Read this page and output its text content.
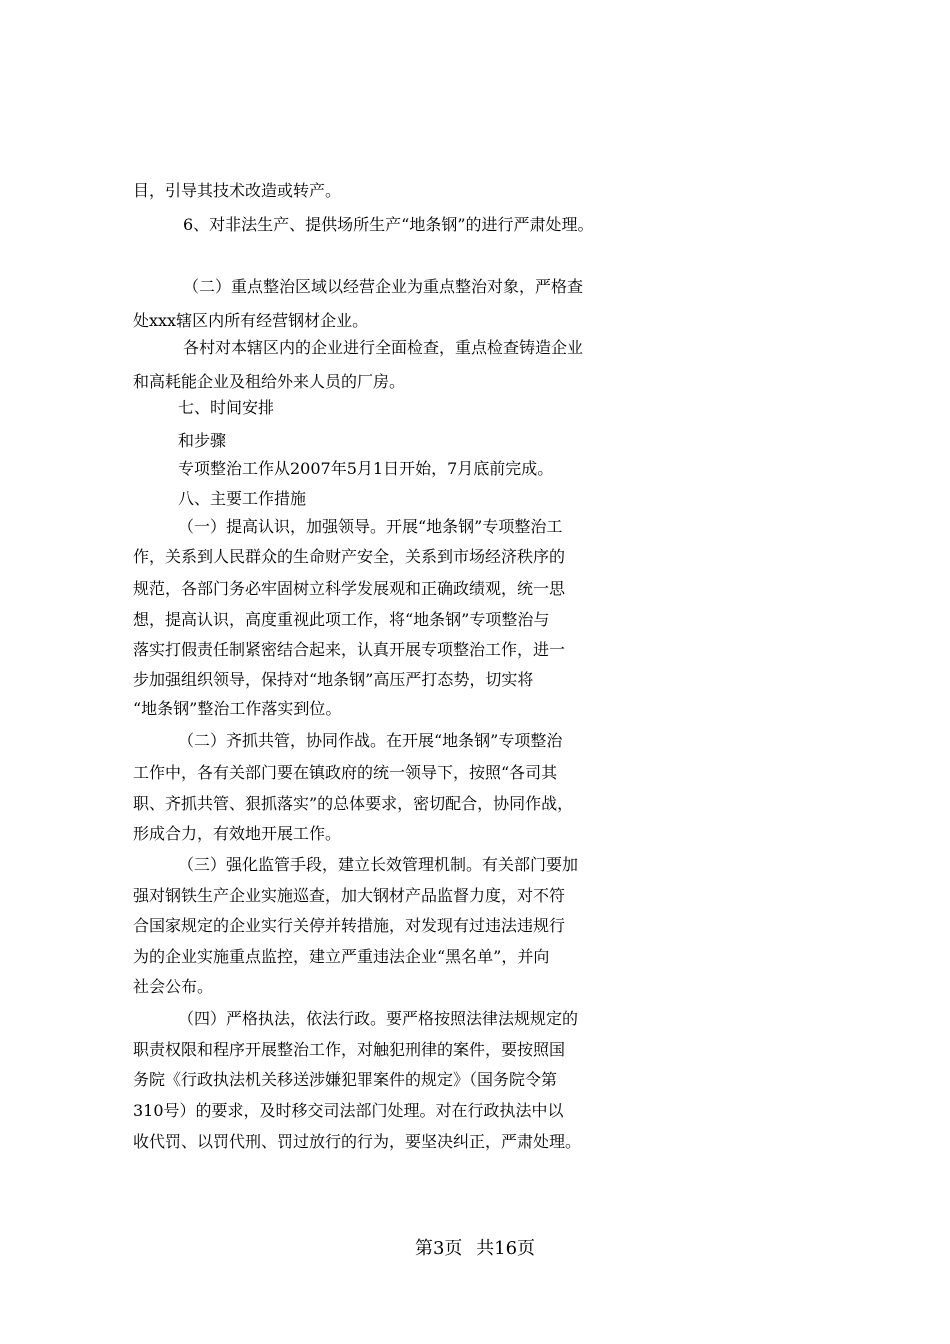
目，引导其技术改造或转产。
6、对非法生产、提供场所生产“地条钢”的进行严肃处理。
（二）重点整治区域以经营企业为重点整治对象，严格查
处xxx辖区内所有经营钢材企业。
各村对本辖区内的企业进行全面检查，重点检查铸造企业
和高耗能企业及租给外来人员的厂房。
七、时间安排
和步骤
专项整治工作从2007年5月1日开始，7月底前完成。
八、主要工作措施
（一）提高认识，加强领导。开展“地条钢”专项整治工
作，关系到人民群众的生命财产安全，关系到市场经济秩序的
规范，各部门务必牢固树立科学发展观和正确政绩观，统一思
想，提高认识，高度重视此项工作，将“地条钢”专项整治与
落实打假责任制紧密结合起来，认真开展专项整治工作，进一
步加强组织领导，保持对“地条钢”高压严打态势，切实将
“地条钢”整治工作落实到位。
（二）齐抓共管，协同作战。在开展“地条钢”专项整治
工作中，各有关部门要在镇政府的统一领导下，按照“各司其
职、齐抓共管、狠抓落实”的总体要求，密切配合，协同作战，
形成合力，有效地开展工作。
（三）强化监管手段，建立长效管理机制。有关部门要加
强对钢铁生产企业实施巡查，加大钢材产品监督力度，对不符
合国家规定的企业实行关停并转措施，对发现有过违法违规行
为的企业实施重点监控，建立严重违法企业“黑名单”，并向
社会公布。
（四）严格执法，依法行政。要严格按照法律法规规定的
职责权限和程序开展整治工作，对触犯刑律的案件，要按照国
务院《行政执法机关移送涉嫌犯罪案件的规定》（国务院令第
310号）的要求，及时移交司法部门处理。对在行政执法中以
收代罚、以罚代刑、罚过放行的行为，要坚决纠正，严肃处理。
第3页 共16页
